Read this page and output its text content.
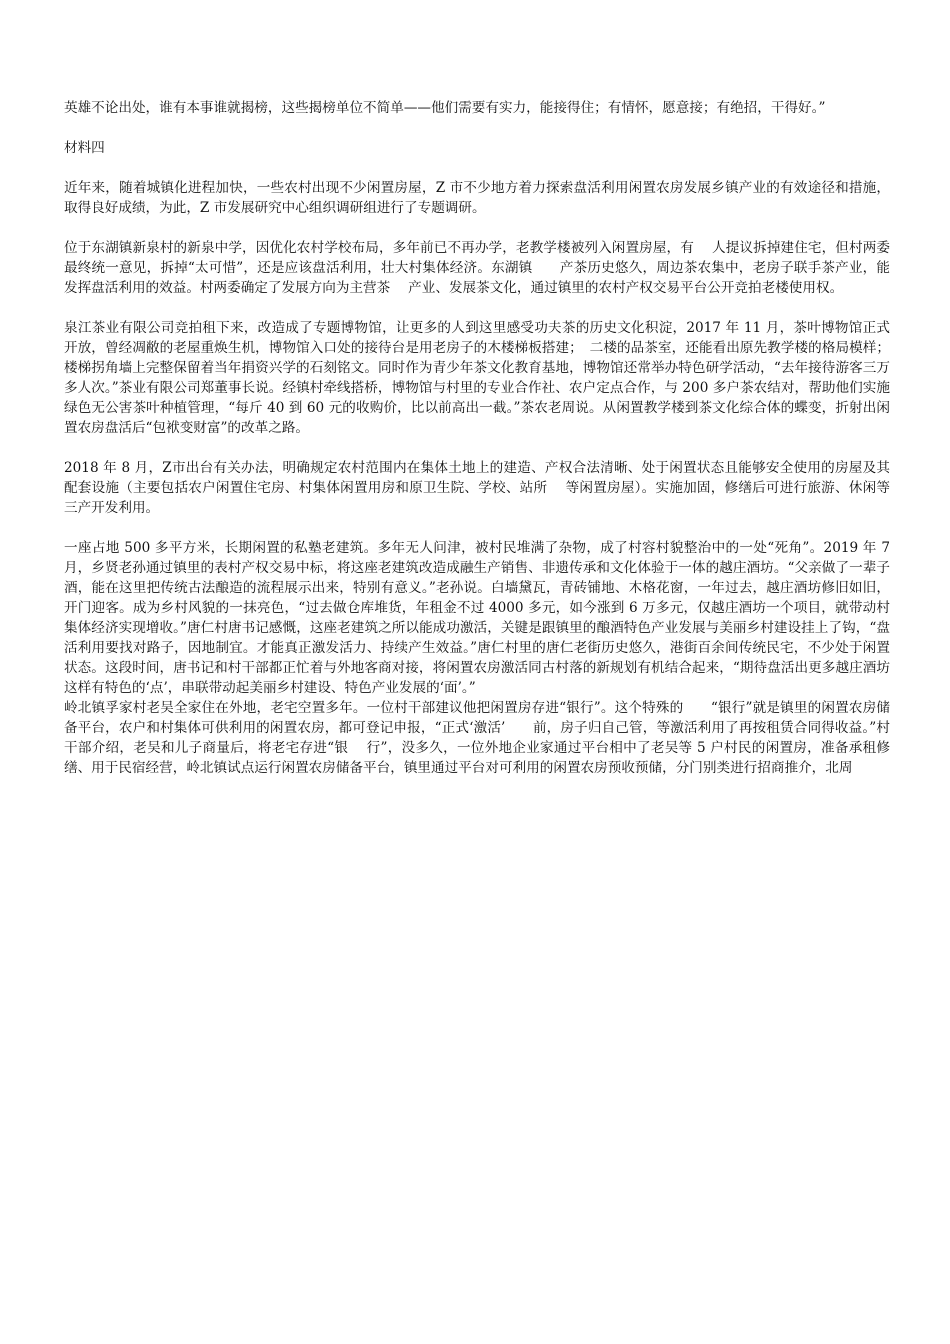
英雄不论出处，谁有本事谁就揭榜，这些揭榜单位不简单——他们需要有实力，能接得住；有情怀，愿意接；有绝招，干得好。”

材料四

近年来，随着城镇化进程加快，一些农村出现不少闲置房屋，Z 市不少地方着力探索盘活利用闲置农房发展乡镇产业的有效途径和措施，取得良好成绩，为此，Z 市发展研究中心组织调研组进行了专题调研。

位于东湖镇新泉村的新泉中学，因优化农村学校布局，多年前已不再办学，老教学楼被列入闲置房屋，有　 人提议拆掉建住宅，但村两委最终统一意见，拆掉“太可惜”，还是应该盘活利用，壮大村集体经济。东湖镇　　产茶历史悠久，周边茶农集中，老房子联手茶产业，能发挥盘活利用的效益。村两委确定了发展方向为主营茶　 产业、发展茶文化，通过镇里的农村产权交易平台公开竞拍老楼使用权。

泉江茶业有限公司竞拍租下来，改造成了专题博物馆，让更多的人到这里感受功夫茶的历史文化积淀，2017 年 11 月，茶叶博物馆正式开放，曾经凋敝的老屋重焕生机，博物馆入口处的接待台是用老房子的木楼梯板搭建；　二楼的品茶室，还能看出原先教学楼的格局模样；楼梯拐角墙上完整保留着当年捐资兴学的石刻铭文。同时作为青少年茶文化教育基地，博物馆还常举办特色研学活动，“去年接待游客三万多人次。”茶业有限公司郑董事长说。经镇村牵线搭桥，博物馆与村里的专业合作社、农户定点合作，与 200 多户茶农结对，帮助他们实施绿色无公害茶叶种植管理，“每斤 40 到 60 元的收购价，比以前高出一截。”茶农老周说。从闲置教学楼到茶文化综合体的蝶变，折射出闲置农房盘活后“包袱变财富”的改革之路。

2018 年 8 月，Z市出台有关办法，明确规定农村范围内在集体土地上的建造、产权合法清晰、处于闲置状态且能够安全使用的房屋及其配套设施（主要包括农户闲置住宅房、村集体闲置用房和原卫生院、学校、站所　 等闲置房屋）。实施加固，修缮后可进行旅游、休闲等三产开发利用。

一座占地 500 多平方米，长期闲置的私塾老建筑。多年无人问津，被村民堆满了杂物，成了村容村貌整治中的一处“死角”。2019 年 7 月，乡贤老孙通过镇里的表村产权交易中标，将这座老建筑改造成融生产销售、非遗传承和文化体验于一体的越庄酒坊。“父亲做了一辈子酒，能在这里把传统古法酿造的流程展示出来，特别有意义。”老孙说。白墙黛瓦，青砖铺地、木格花窗，一年过去，越庄酒坊修旧如旧，开门迎客。成为乡村风貌的一抹亮色，“过去做仓库堆货，年租金不过 4000 多元，如今涨到 6 万多元，仅越庄酒坊一个项目，就带动村集体经济实现增收。”唐仁村唐书记感慨，这座老建筑之所以能成功激活，关键是跟镇里的酿酒特色产业发展与美丽乡村建设挂上了钩，“盘活利用要找对路子，因地制宜。才能真正激发活力、持续产生效益。”唐仁村里的唐仁老街历史悠久，港街百余间传统民宅，不少处于闲置状态。这段时间，唐书记和村干部都正忙着与外地客商对接，将闲置农房激活同古村落的新规划有机结合起来，“期待盘活出更多越庄酒坊这样有特色的‘点’，串联带动起美丽乡村建设、特色产业发展的‘面’。”

岭北镇孚家村老吴全家住在外地，老宅空置多年。一位村干部建议他把闲置房存进“银行”。这个特殊的　　“银行”就是镇里的闲置农房储备平台，农户和村集体可供利用的闲置农房，都可登记申报，“正式‘激活’　　前，房子归自己管，等激活利用了再按租赁合同得收益。”村干部介绍，老吴和儿子商量后，将老宅存进“银　 行”，没多久，一位外地企业家通过平台相中了老吴等 5 户村民的闲置房，准备承租修缮、用于民宿经营，岭北镇试点运行闲置农房储备平台，镇里通过平台对可利用的闲置农房预收预储，分门别类进行招商推介，北周
